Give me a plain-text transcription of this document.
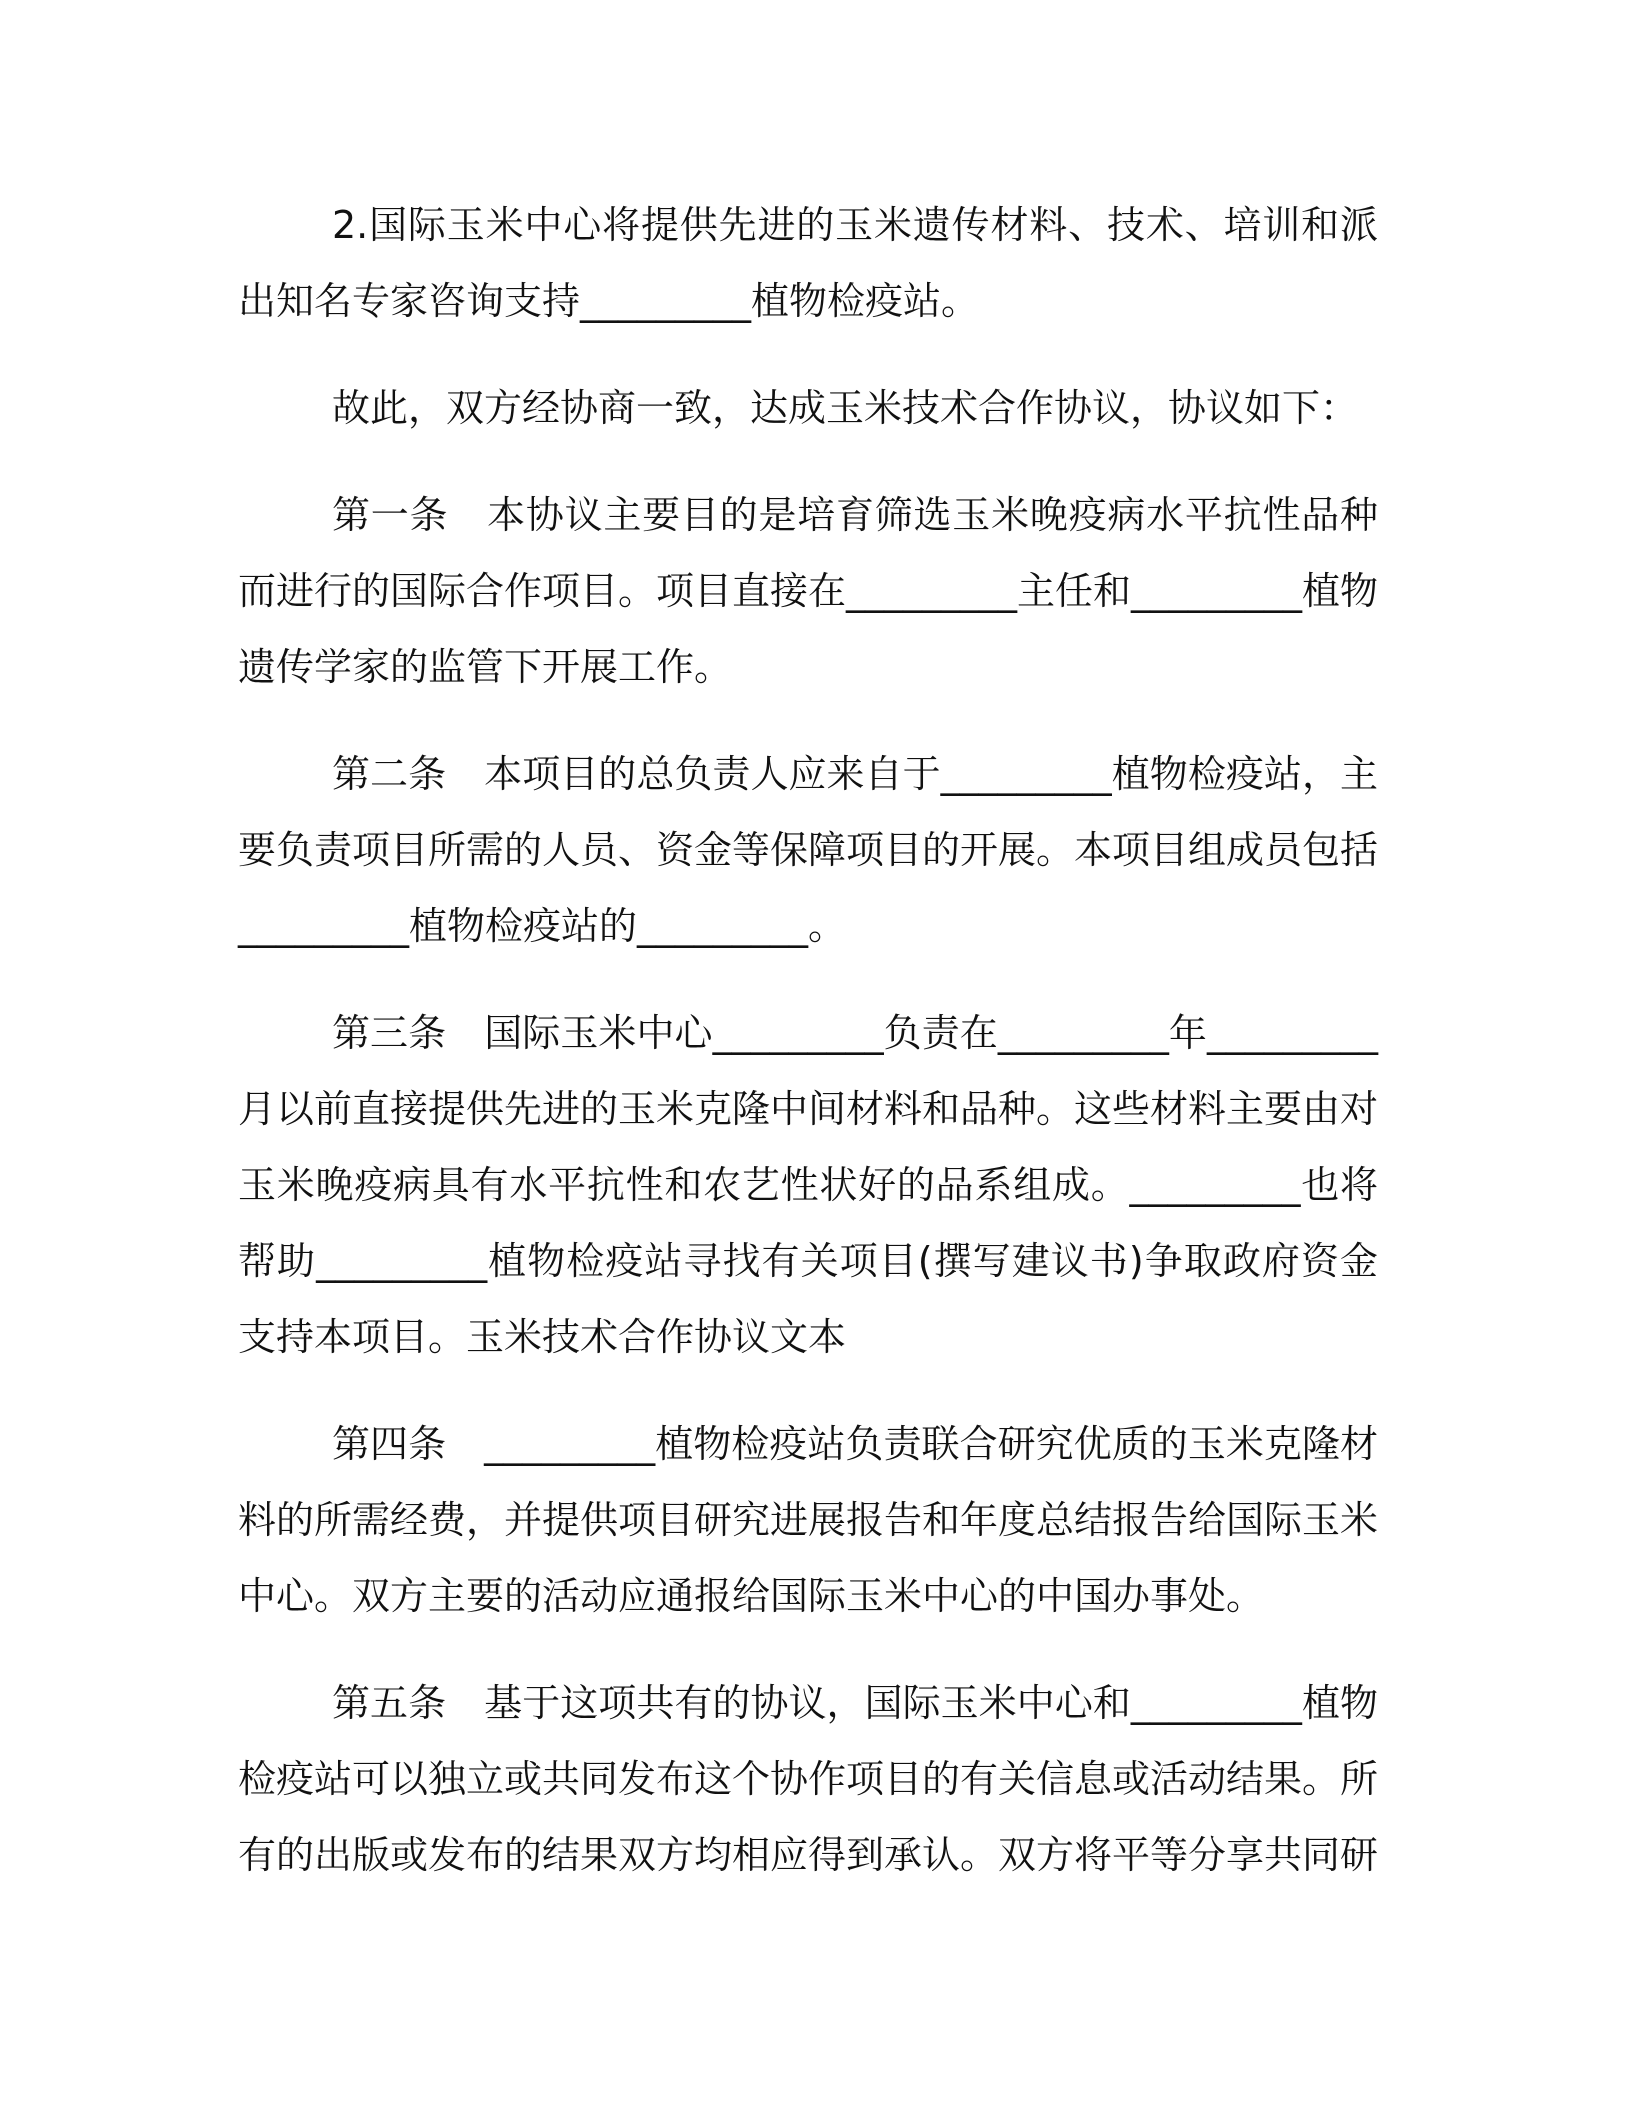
2.国际玉米中心将提供先进的玉米遗传材料、技术、培训和派出知名专家咨询支持_________植物检疫站。

故此，双方经协商一致，达成玉米技术合作协议，协议如下：

第一条　本协议主要目的是培育筛选玉米晚疫病水平抗性品种而进行的国际合作项目。项目直接在_________主任和_________植物遗传学家的监管下开展工作。

第二条　本项目的总负责人应来自于_________植物检疫站，主要负责项目所需的人员、资金等保障项目的开展。本项目组成员包括_________植物检疫站的_________。

第三条　国际玉米中心_________负责在_________年_________月以前直接提供先进的玉米克隆中间材料和品种。这些材料主要由对玉米晚疫病具有水平抗性和农艺性状好的品系组成。_________也将帮助_________植物检疫站寻找有关项目(撰写建议书)争取政府资金支持本项目。玉米技术合作协议文本

第四条　_________植物检疫站负责联合研究优质的玉米克隆材料的所需经费，并提供项目研究进展报告和年度总结报告给国际玉米中心。双方主要的活动应通报给国际玉米中心的中国办事处。

第五条　基于这项共有的协议，国际玉米中心和_________植物检疫站可以独立或共同发布这个协作项目的有关信息或活动结果。所有的出版或发布的结果双方均相应得到承认。双方将平等分享共同研
